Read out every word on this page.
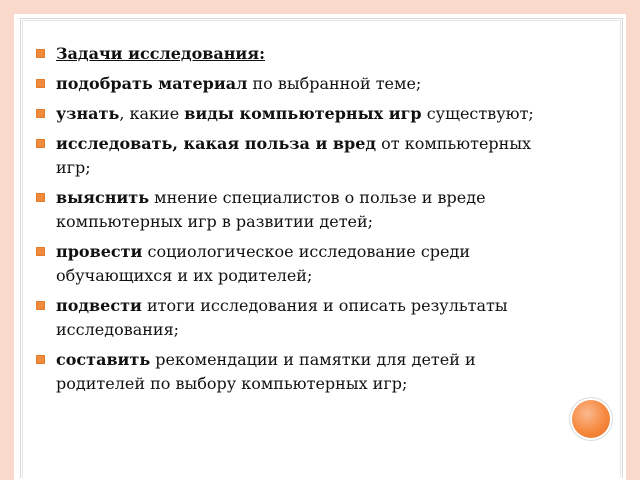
Задачи исследования:
подобрать материал по выбранной теме;
узнать, какие виды компьютерных игр существуют;
исследовать, какая польза и вред от компьютерных игр;
выяснить мнение специалистов о пользе и вреде компьютерных игр в развитии детей;
провести социологическое исследование среди обучающихся и их родителей;
подвести итоги исследования и описать результаты исследования;
составить рекомендации и памятки для детей и родителей по выбору компьютерных игр;
